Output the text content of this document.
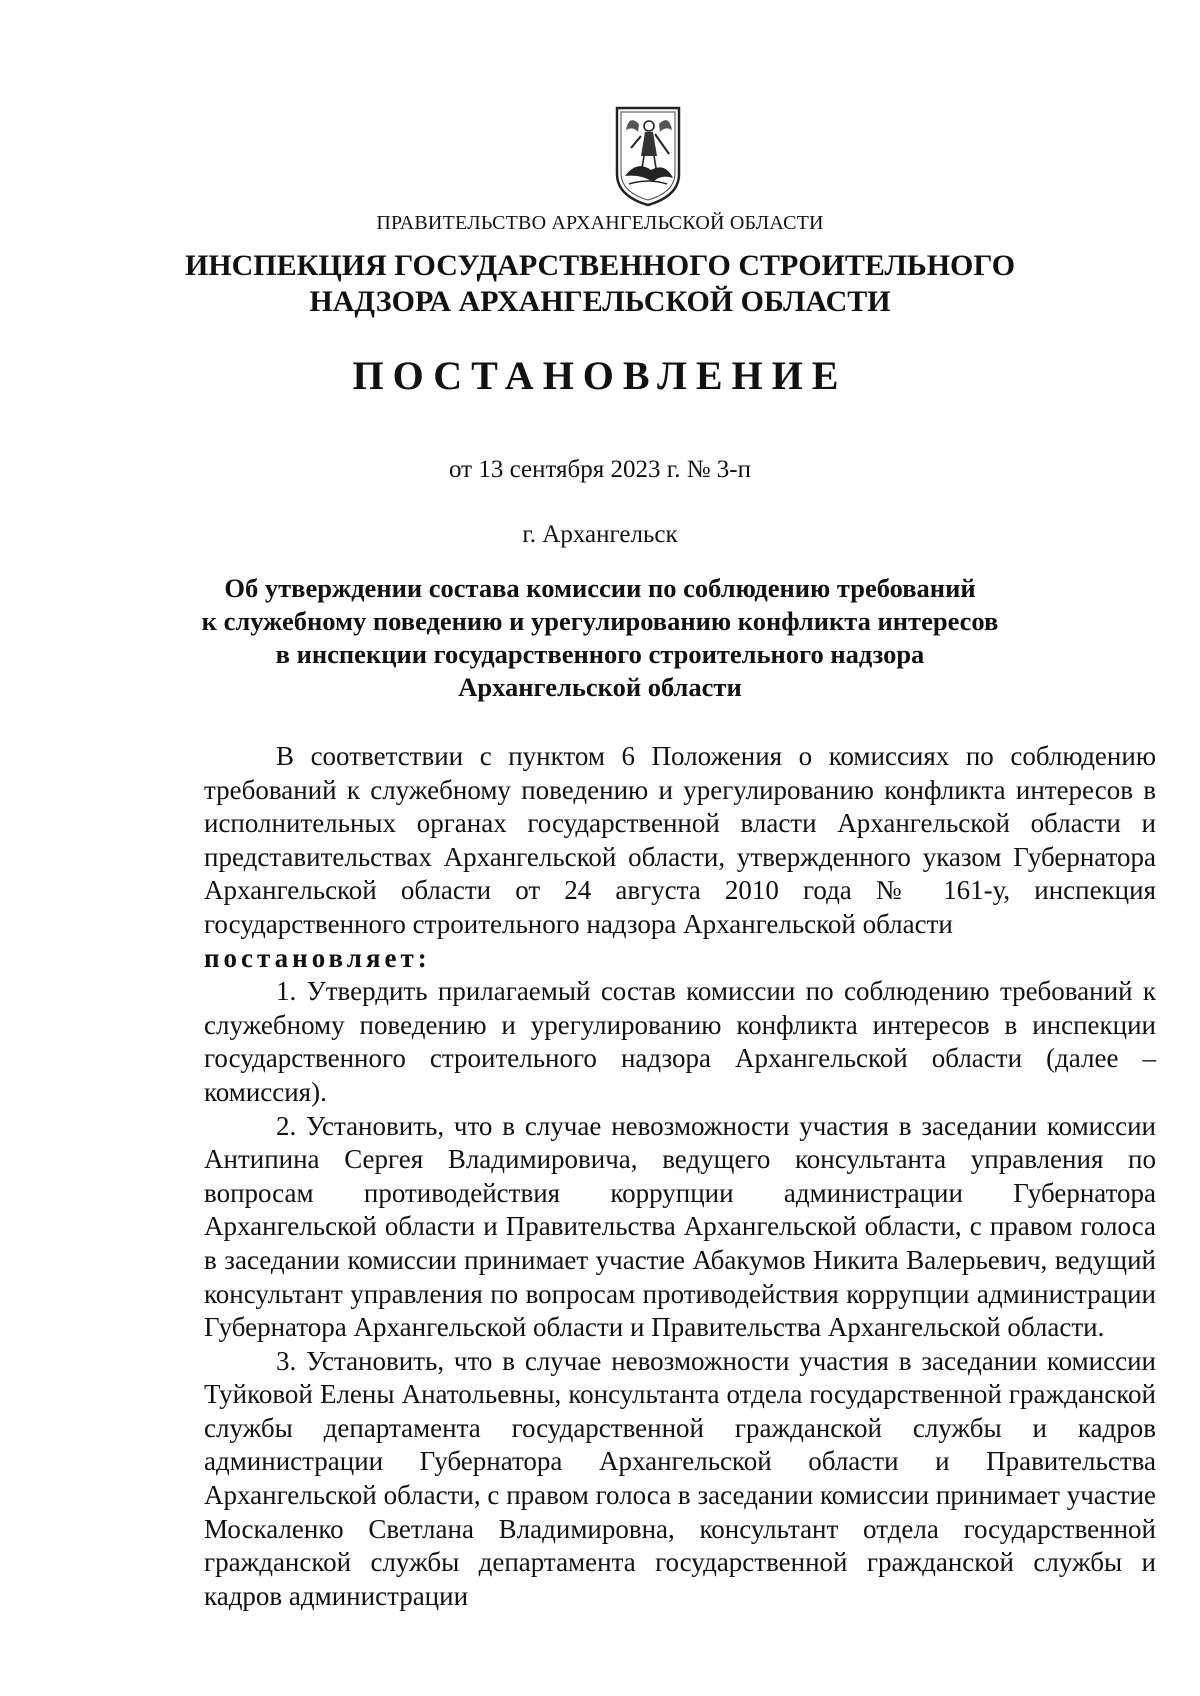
ПРАВИТЕЛЬСТВО АРХАНГЕЛЬСКОЙ ОБЛАСТИ
ИНСПЕКЦИЯ ГОСУДАРСТВЕННОГО СТРОИТЕЛЬНОГО
НАДЗОРА АРХАНГЕЛЬСКОЙ ОБЛАСТИ
ПОСТАНОВЛЕНИЕ
от 13 сентября 2023 г. № 3-п
г. Архангельск
Об утверждении состава комиссии по соблюдению требований
к служебному поведению и урегулированию конфликта интересов
в инспекции государственного строительного надзора
Архангельской области

В соответствии с пунктом 6 Положения о комиссиях по соблюдению требований к служебному поведению и урегулированию конфликта интересов в исполнительных органах государственной власти Архангельской области и представительствах Архангельской области, утвержденного указом Губернатора Архангельской области от 24 августа 2010 года № 161-у, инспекция государственного строительного надзора Архангельской области

постановляет:

1. Утвердить прилагаемый состав комиссии по соблюдению требований к служебному поведению и урегулированию конфликта интересов в инспекции государственного строительного надзора Архангельской области (далее – комиссия).

2. Установить, что в случае невозможности участия в заседании комиссии Антипина Сергея Владимировича, ведущего консультанта управления по вопросам противодействия коррупции администрации Губернатора Архангельской области и Правительства Архангельской области, с правом голоса в заседании комиссии принимает участие Абакумов Никита Валерьевич, ведущий консультант управления по вопросам противодействия коррупции администрации Губернатора Архангельской области и Правительства Архангельской области.

3. Установить, что в случае невозможности участия в заседании комиссии Туйковой Елены Анатольевны, консультанта отдела государственной гражданской службы департамента государственной гражданской службы и кадров администрации Губернатора Архангельской области и Правительства Архангельской области, с правом голоса в заседании комиссии принимает участие Москаленко Светлана Владимировна, консультант отдела государственной гражданской службы департамента государственной гражданской службы и кадров администрации
